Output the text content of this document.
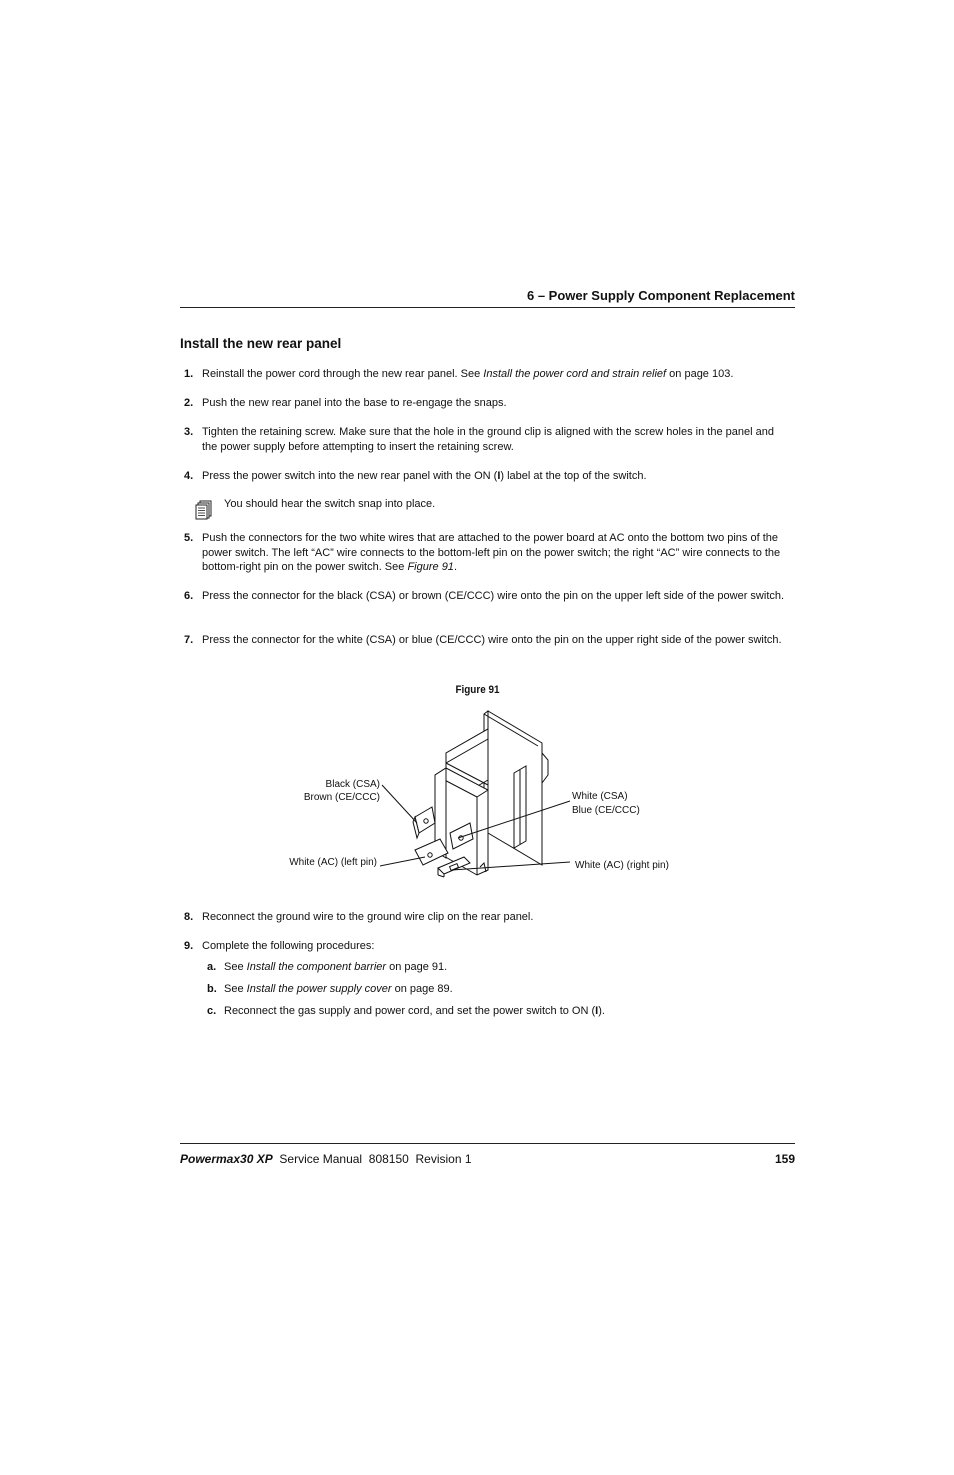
6 – Power Supply Component Replacement
Install the new rear panel
1. Reinstall the power cord through the new rear panel. See Install the power cord and strain relief on page 103.
2. Push the new rear panel into the base to re-engage the snaps.
3. Tighten the retaining screw. Make sure that the hole in the ground clip is aligned with the screw holes in the panel and the power supply before attempting to insert the retaining screw.
4. Press the power switch into the new rear panel with the ON (I) label at the top of the switch.
You should hear the switch snap into place.
5. Push the connectors for the two white wires that are attached to the power board at AC onto the bottom two pins of the power switch. The left “AC” wire connects to the bottom-left pin on the power switch; the right “AC” wire connects to the bottom-right pin on the power switch. See Figure 91.
6. Press the connector for the black (CSA) or brown (CE/CCC) wire onto the pin on the upper left side of the power switch.
7. Press the connector for the white (CSA) or blue (CE/CCC) wire onto the pin on the upper right side of the power switch.
Figure 91
Black (CSA)
Brown (CE/CCC)	White (CSA)
Blue (CE/CCC)
White (AC) (left pin)	White (AC) (right pin)
8. Reconnect the ground wire to the ground wire clip on the rear panel.
9. Complete the following procedures:
a. See Install the component barrier on page 91.
b. See Install the power supply cover on page 89.
c. Reconnect the gas supply and power cord, and set the power switch to ON (I).
Powermax30 XP Service Manual  808150  Revision 1	159
